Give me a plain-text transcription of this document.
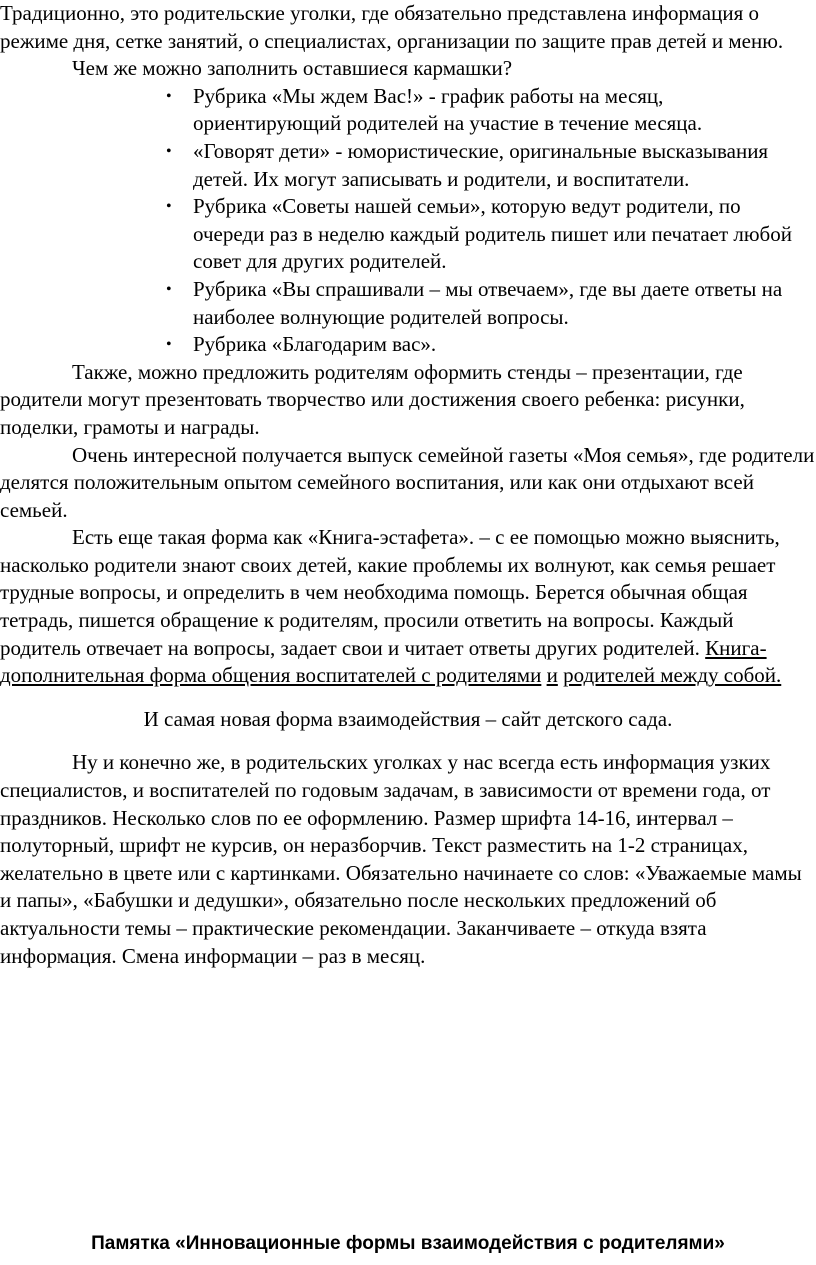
Традиционно, это родительские уголки, где обязательно представлена информация о режиме дня, сетке занятий, о специалистах, организации по защите прав детей и меню.

Чем же можно заполнить оставшиеся кармашки?

• Рубрика «Мы ждем Вас!» - график работы на месяц, ориентирующий родителей на участие в течение месяца.
• «Говорят дети» - юмористические, оригинальные высказывания детей. Их могут записывать и родители, и воспитатели.
• Рубрика «Советы нашей семьи», которую ведут родители, по очереди раз в неделю каждый родитель пишет или печатает любой совет для других родителей.
• Рубрика «Вы спрашивали – мы отвечаем», где вы даете ответы на наиболее волнующие родителей вопросы.
• Рубрика «Благодарим вас».

Также, можно предложить родителям оформить стенды – презентации, где родители могут презентовать творчество или достижения своего ребенка: рисунки, поделки, грамоты и награды.

Очень интересной получается выпуск семейной газеты «Моя семья», где родители делятся положительным опытом семейного воспитания, или как они отдыхают всей семьей.

Есть еще такая форма как «Книга-эстафета». – с ее помощью можно выяснить, насколько родители знают своих детей, какие проблемы их волнуют, как семья решает трудные вопросы, и определить в чем необходима помощь. Берется обычная общая тетрадь, пишется обращение к родителям, просили ответить на вопросы. Каждый родитель отвечает на вопросы, задает свои и читает ответы других родителей. Книга- дополнительная форма общения воспитателей с родителями и родителей между собой.

И самая новая форма взаимодействия – сайт детского сада.

Ну и конечно же, в родительских уголках у нас всегда есть информация узких специалистов, и воспитателей по годовым задачам, в зависимости от времени года, от праздников. Несколько слов по ее оформлению. Размер шрифта 14-16, интервал – полуторный, шрифт не курсив, он неразборчив. Текст разместить на 1-2 страницах, желательно в цвете или с картинками. Обязательно начинаете со слов: «Уважаемые мамы и папы», «Бабушки и дедушки», обязательно после нескольких предложений об актуальности темы – практические рекомендации. Заканчиваете – откуда взята информация. Смена информации – раз в месяц.

Памятка «Инновационные формы взаимодействия с родителями»
